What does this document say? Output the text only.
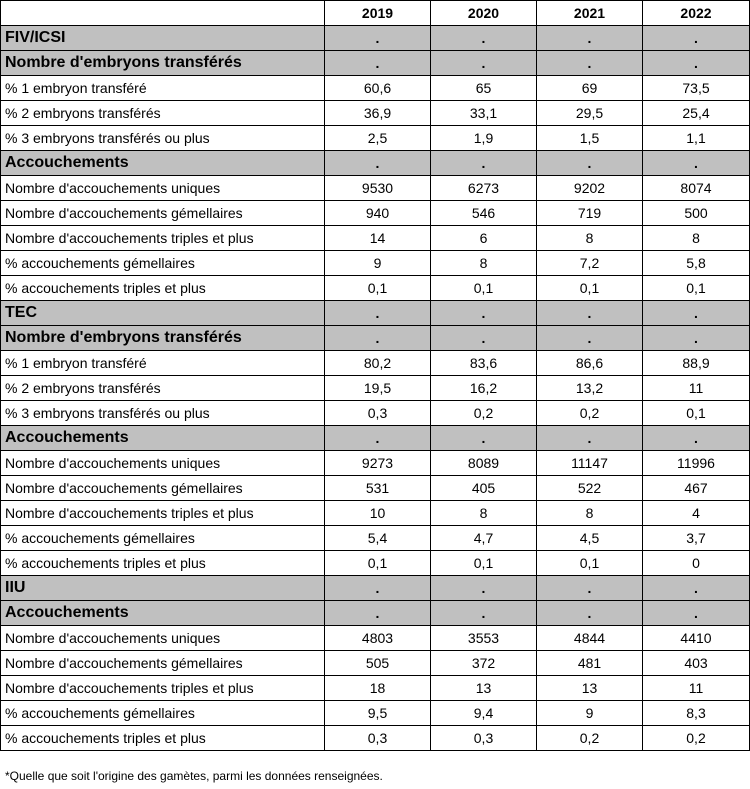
	2019	2020	2021	2022
FIV/ICSI	.	.	.	.
Nombre d'embryons transférés	.	.	.	.
% 1 embryon transféré	60,6	65	69	73,5
% 2 embryons transférés	36,9	33,1	29,5	25,4
% 3 embryons transférés ou plus	2,5	1,9	1,5	1,1
Accouchements	.	.	.	.
Nombre d'accouchements uniques	9530	6273	9202	8074
Nombre d'accouchements gémellaires	940	546	719	500
Nombre d'accouchements triples et plus	14	6	8	8
% accouchements gémellaires	9	8	7,2	5,8
% accouchements triples et plus	0,1	0,1	0,1	0,1
TEC	.	.	.	.
Nombre d'embryons transférés	.	.	.	.
% 1 embryon transféré	80,2	83,6	86,6	88,9
% 2 embryons transférés	19,5	16,2	13,2	11
% 3 embryons transférés ou plus	0,3	0,2	0,2	0,1
Accouchements	.	.	.	.
Nombre d'accouchements uniques	9273	8089	11147	11996
Nombre d'accouchements gémellaires	531	405	522	467
Nombre d'accouchements triples et plus	10	8	8	4
% accouchements gémellaires	5,4	4,7	4,5	3,7
% accouchements triples et plus	0,1	0,1	0,1	0
IIU	.	.	.	.
Accouchements	.	.	.	.
Nombre d'accouchements uniques	4803	3553	4844	4410
Nombre d'accouchements gémellaires	505	372	481	403
Nombre d'accouchements triples et plus	18	13	13	11
% accouchements gémellaires	9,5	9,4	9	8,3
% accouchements triples et plus	0,3	0,3	0,2	0,2
*Quelle que soit l'origine des gamètes, parmi les données renseignées.
